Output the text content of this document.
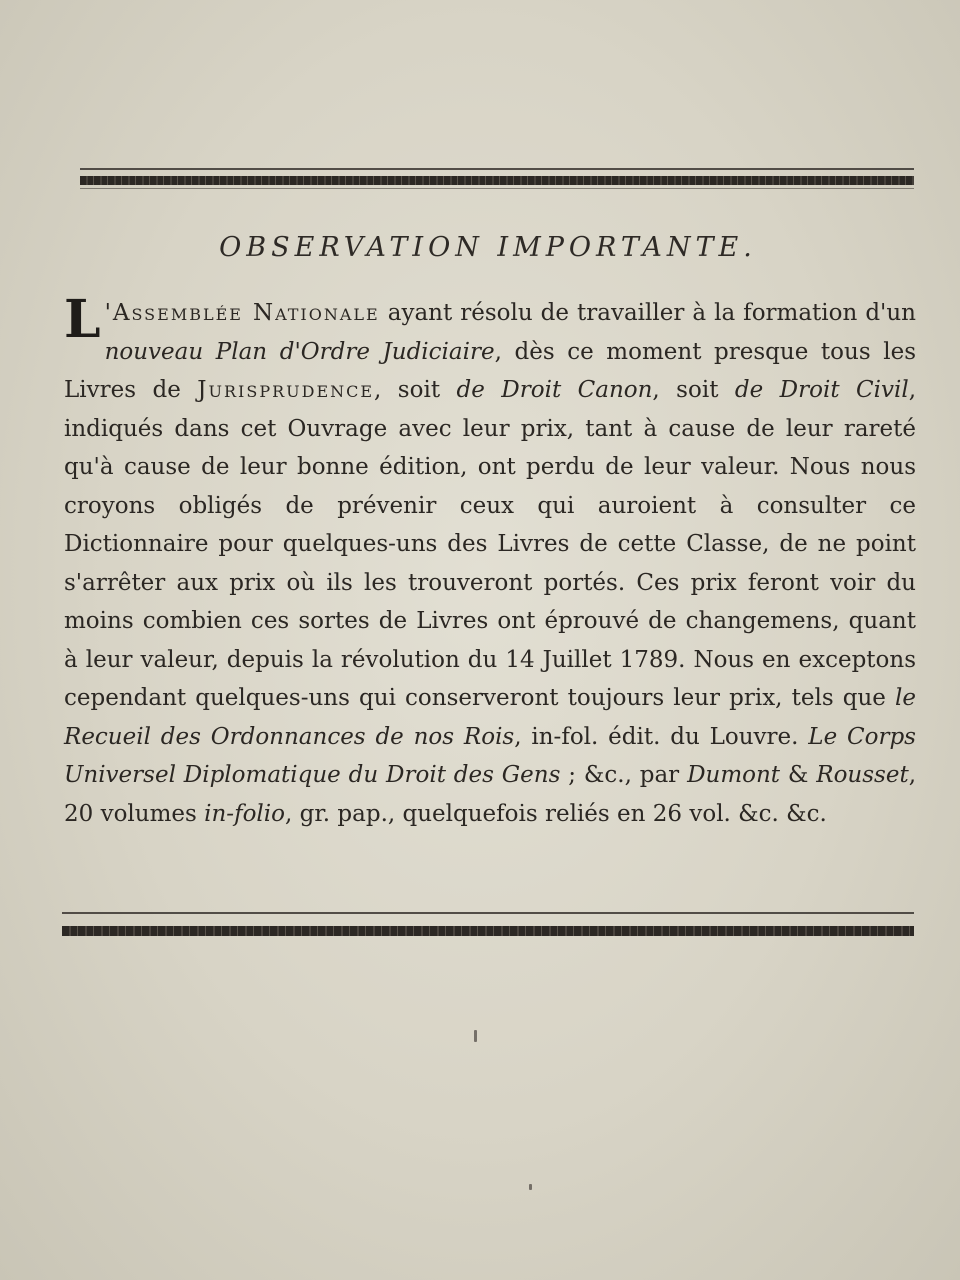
OBSERVATION IMPORTANTE.

L 'Assemblée Nationale ayant résolu de travailler à la formation d'un nouveau Plan d'Ordre Judiciaire, dès ce moment presque tous les Livres de Jurisprudence, soit de Droit Canon, soit de Droit Civil, indiqués dans cet Ouvrage avec leur prix, tant à cause de leur rareté qu'à cause de leur bonne édition, ont perdu de leur valeur. Nous nous croyons obligés de prévenir ceux qui auroient à consulter ce Dictionnaire pour quelques-uns des Livres de cette Classe, de ne point s'arrêter aux prix où ils les trouveront portés. Ces prix feront voir du moins combien ces sortes de Livres ont éprouvé de changemens, quant à leur valeur, depuis la révolution du 14 Juillet 1789. Nous en exceptons cependant quelques-uns qui conserveront toujours leur prix, tels que le Recueil des Ordonnances de nos Rois, in-fol. édit. du Louvre. Le Corps Universel Diplomatique du Droit des Gens ; &c., par Dumont & Rousset, 20 volumes in-folio, gr. pap., quelquefois reliés en 26 vol. &c. &c.
